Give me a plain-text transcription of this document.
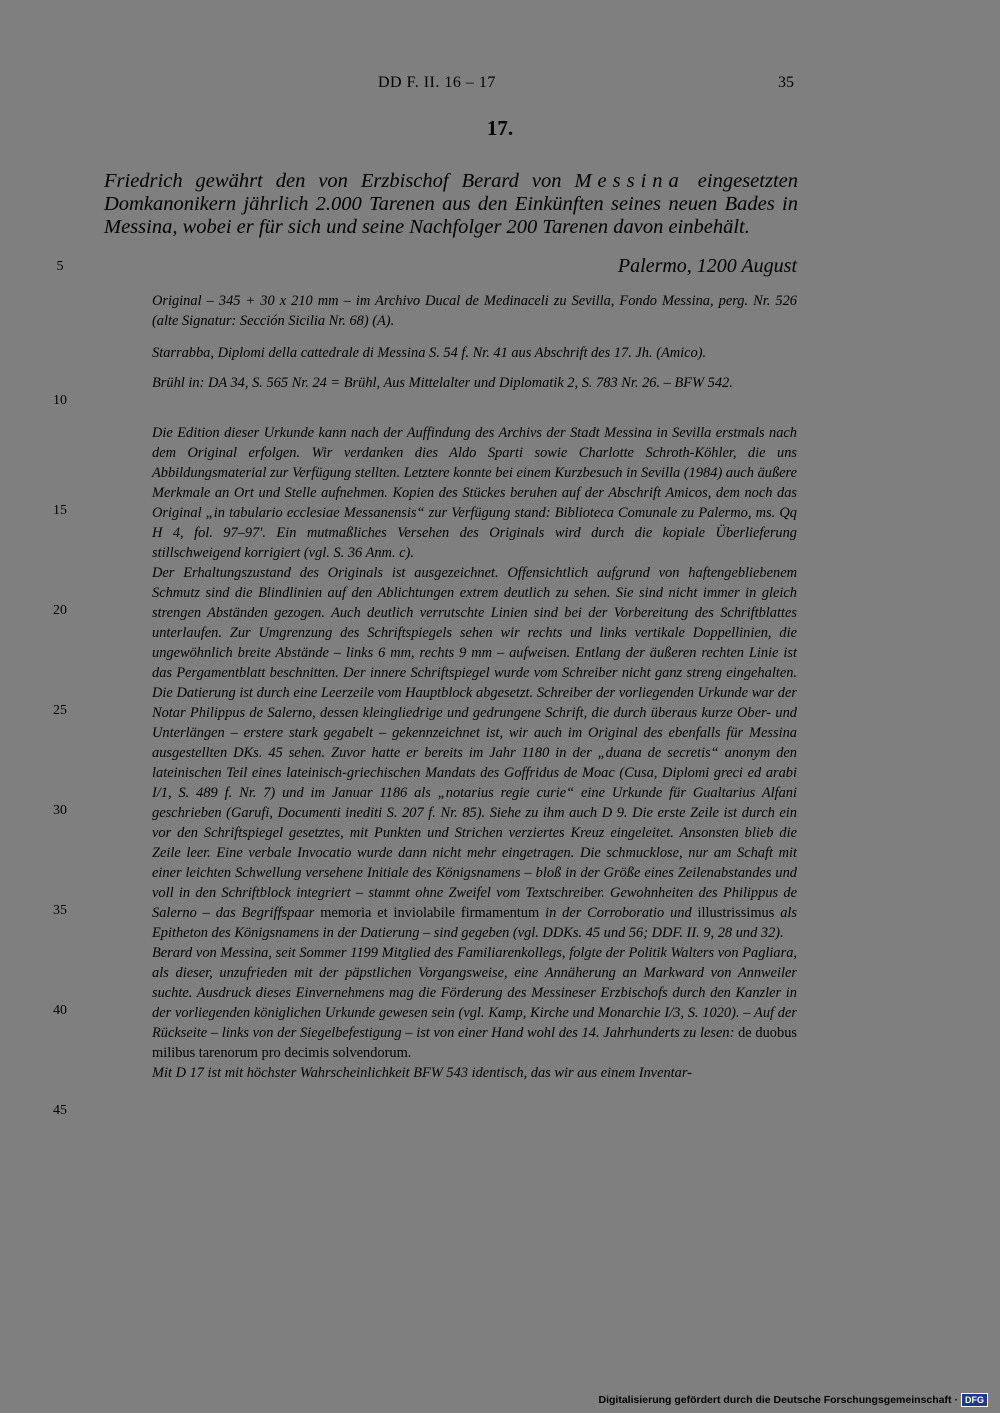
DD F. II. 16 – 17	35
17.
Friedrich gewährt den von Erzbischof Berard von Messina eingesetzten Domkanonikern jährlich 2.000 Tarenen aus den Einkünften seines neuen Bades in Messina, wobei er für sich und seine Nachfolger 200 Tarenen davon einbehält.
Palermo, 1200 August
5
10
15
20
25
30
35
40
45
Original – 345 + 30 x 210 mm – im Archivo Ducal de Medinaceli zu Sevilla, Fondo Messina, perg. Nr. 526 (alte Signatur: Sección Sicilia Nr. 68) (A).
Starrabba, Diplomi della cattedrale di Messina S. 54 f. Nr. 41 aus Abschrift des 17. Jh. (Amico).
Brühl in: DA 34, S. 565 Nr. 24 = Brühl, Aus Mittelalter und Diplomatik 2, S. 783 Nr. 26. – BFW 542.

Die Edition dieser Urkunde kann nach der Auffindung des Archivs der Stadt Messina in Sevilla erstmals nach dem Original erfolgen. Wir verdanken dies Aldo Sparti sowie Charlotte Schroth-Köhler, die uns Abbildungsmaterial zur Verfügung stellten. Letztere konnte bei einem Kurzbesuch in Sevilla (1984) auch äußere Merkmale an Ort und Stelle aufnehmen. Kopien des Stückes beruhen auf der Abschrift Amicos, dem noch das Original „in tabulario ecclesiae Messanensis“ zur Verfügung stand: Biblioteca Comunale zu Palermo, ms. Qq H 4, fol. 97–97'. Ein mutmaßliches Versehen des Originals wird durch die kopiale Überlieferung stillschweigend korrigiert (vgl. S. 36 Anm. c).

Der Erhaltungszustand des Originals ist ausgezeichnet. Offensichtlich aufgrund von haftengebliebenem Schmutz sind die Blindlinien auf den Ablichtungen extrem deutlich zu sehen. Sie sind nicht immer in gleich strengen Abständen gezogen. Auch deutlich verrutschte Linien sind bei der Vorbereitung des Schriftblattes unterlaufen. Zur Umgrenzung des Schriftspiegels sehen wir rechts und links vertikale Doppellinien, die ungewöhnlich breite Abstände – links 6 mm, rechts 9 mm – aufweisen. Entlang der äußeren rechten Linie ist das Pergamentblatt beschnitten. Der innere Schriftspiegel wurde vom Schreiber nicht ganz streng eingehalten. Die Datierung ist durch eine Leerzeile vom Hauptblock abgesetzt. Schreiber der vorliegenden Urkunde war der Notar Philippus de Salerno, dessen kleingliedrige und gedrungene Schrift, die durch überaus kurze Ober- und Unterlängen – erstere stark gegabelt – gekennzeichnet ist, wir auch im Original des ebenfalls für Messina ausgestellten DKs. 45 sehen. Zuvor hatte er bereits im Jahr 1180 in der „duana de secretis“ anonym den lateinischen Teil eines lateinisch-griechischen Mandats des Goffridus de Moac (Cusa, Diplomi greci ed arabi I/1, S. 489 f. Nr. 7) und im Januar 1186 als „notarius regie curie“ eine Urkunde für Gualtarius Alfani geschrieben (Garufi, Documenti inediti S. 207 f. Nr. 85). Siehe zu ihm auch D 9. Die erste Zeile ist durch ein vor den Schriftspiegel gesetztes, mit Punkten und Strichen verziertes Kreuz eingeleitet. Ansonsten blieb die Zeile leer. Eine verbale Invocatio wurde dann nicht mehr eingetragen. Die schmucklose, nur am Schaft mit einer leichten Schwellung versehene Initiale des Königsnamens – bloß in der Größe eines Zeilenabstandes und voll in den Schriftblock integriert – stammt ohne Zweifel vom Textschreiber. Gewohnheiten des Philippus de Salerno – das Begriffspaar memoria et inviolabile firmamentum in der Corroboratio und illustrissimus als Epitheton des Königsnamens in der Datierung – sind gegeben (vgl. DDKs. 45 und 56; DDF. II. 9, 28 und 32).

Berard von Messina, seit Sommer 1199 Mitglied des Familiarenkollegs, folgte der Politik Walters von Pagliara, als dieser, unzufrieden mit der päpstlichen Vorgangsweise, eine Annäherung an Markward von Annweiler suchte. Ausdruck dieses Einvernehmens mag die Förderung des Messineser Erzbischofs durch den Kanzler in der vorliegenden königlichen Urkunde gewesen sein (vgl. Kamp, Kirche und Monarchie I/3, S. 1020). – Auf der Rückseite – links von der Siegelbefestigung – ist von einer Hand wohl des 14. Jahrhunderts zu lesen: de duobus milibus tarenorum pro decimis solvendorum.

Mit D 17 ist mit höchster Wahrscheinlichkeit BFW 543 identisch, das wir aus einem Inventar-

Digitalisierung gefördert durch die Deutsche Forschungsgemeinschaft · DFG
